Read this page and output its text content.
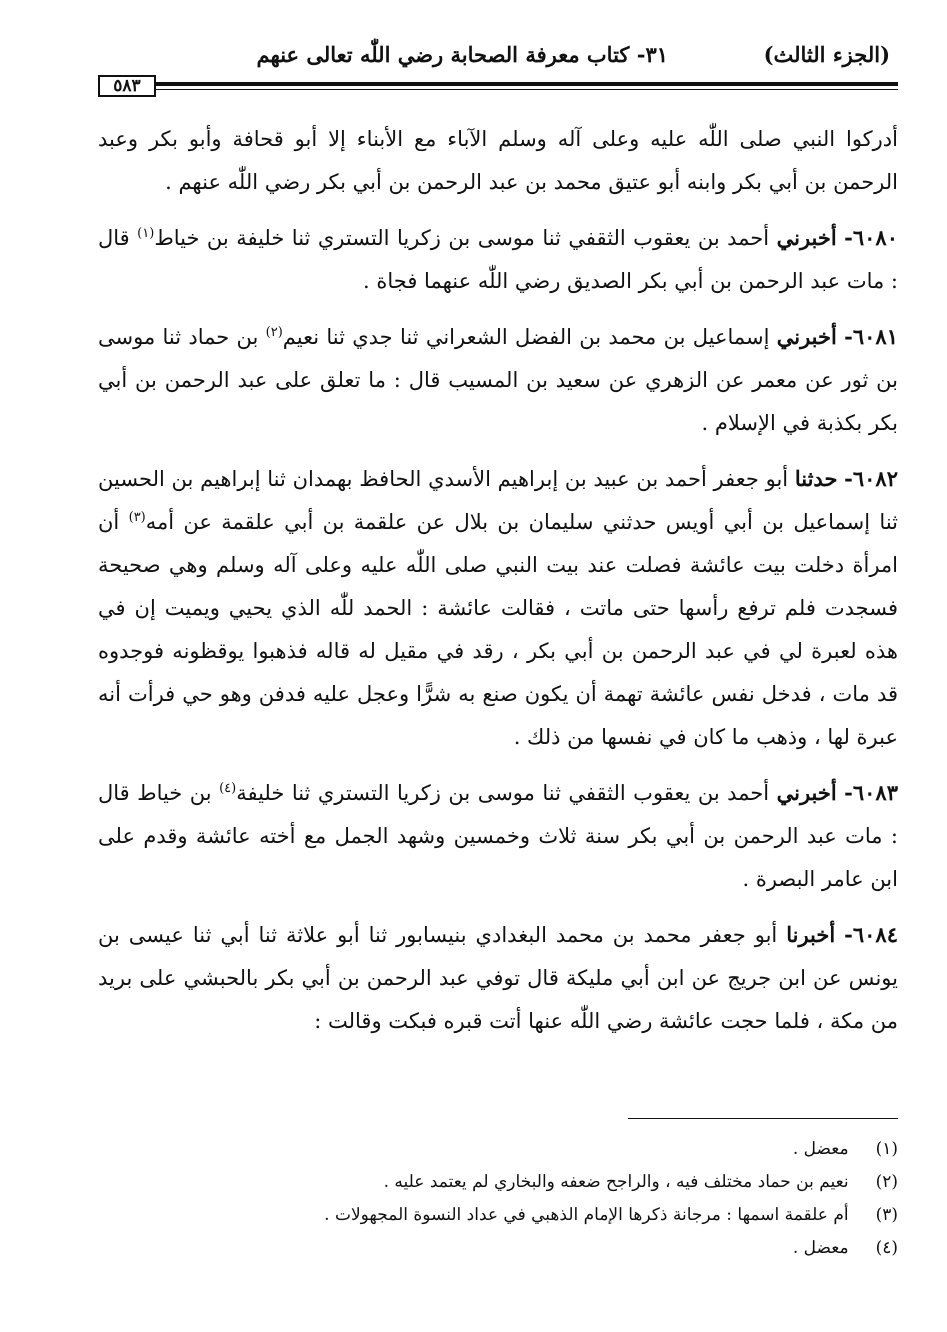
(الجزء الثالث)
٣١- كتاب معرفة الصحابة رضي اللّٰه تعالى عنهم
٥٨٣

أدركوا النبي صلى اللّٰه عليه وعلى آله وسلم الآباء مع الأبناء إلا أبو قحافة وأبو بكر وعبد الرحمن بن أبي بكر وابنه أبو عتيق محمد بن عبد الرحمن بن أبي بكر رضي اللّٰه عنهم .

٦٠٨٠- أخبرني أحمد بن يعقوب الثقفي ثنا موسى بن زكريا التستري ثنا خليفة بن خياط$^{(١)}$ قال : مات عبد الرحمن بن أبي بكر الصديق رضي اللّٰه عنهما فجاة .

٦٠٨١- أخبرني إسماعيل بن محمد بن الفضل الشعراني ثنا جدي ثنا نعيم$^{(٢)}$ بن حماد ثنا موسى بن ثور عن معمر عن الزهري عن سعيد بن المسيب قال : ما تعلق على عبد الرحمن بن أبي بكر بكذبة في الإسلام .

٦٠٨٢- حدثنا أبو جعفر أحمد بن عبيد بن إبراهيم الأسدي الحافظ بهمدان ثنا إبراهيم بن الحسين ثنا إسماعيل بن أبي أويس حدثني سليمان بن بلال عن علقمة بن أبي علقمة عن أمه$^{(٣)}$ أن امرأة دخلت بيت عائشة فصلت عند بيت النبي صلى اللّٰه عليه وعلى آله وسلم وهي صحيحة فسجدت فلم ترفع رأسها حتى ماتت ، فقالت عائشة : الحمد للّٰه الذي يحيي ويميت إن في هذه لعبرة لي في عبد الرحمن بن أبي بكر ، رقد في مقيل له قاله فذهبوا يوقظونه فوجدوه قد مات ، فدخل نفس عائشة تهمة أن يكون صنع به شرًّا وعجل عليه فدفن وهو حي فرأت أنه عبرة لها ، وذهب ما كان في نفسها من ذلك .

٦٠٨٣- أخبرني أحمد بن يعقوب الثقفي ثنا موسى بن زكريا التستري ثنا خليفة$^{(٤)}$ بن خياط قال : مات عبد الرحمن بن أبي بكر سنة ثلاث وخمسين وشهد الجمل مع أخته عائشة وقدم على ابن عامر البصرة .

٦٠٨٤- أخبرنا أبو جعفر محمد بن محمد البغدادي بنيسابور ثنا أبو علاثة ثنا أبي ثنا عيسى بن يونس عن ابن جريج عن ابن أبي مليكة قال توفي عبد الرحمن بن أبي بكر بالحبشي على بريد من مكة ، فلما حجت عائشة رضي اللّٰه عنها أتت قبره فبكت وقالت :

(١) معضل .

(٢) نعيم بن حماد مختلف فيه ، والراجح ضعفه والبخاري لم يعتمد عليه .

(٣) أم علقمة اسمها : مرجانة ذكرها الإمام الذهبي في عداد النسوة المجهولات .

(٤) معضل .
